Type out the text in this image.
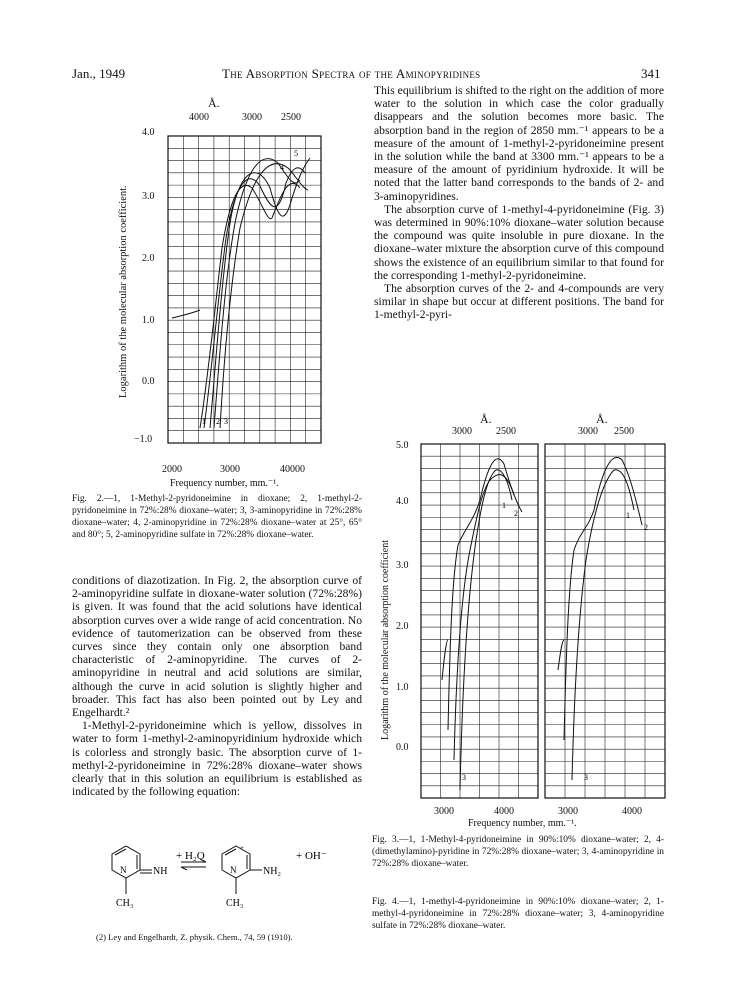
Jan., 1949	The Absorption Spectra of the Aminopyridines	341
Å.
4000	3000 2500
4.0
3.0
2.0
1.0
0.0
−1.0
Logarithm of the molecular absorption coefficient.
1 2 3
4
5
2000	3000	40000
Frequency number, mm.⁻¹.
Fig. 2.—1, 1-Methyl-2-pyridoneimine in dioxane; 2, 1-methyl-2-pyridoneimine in 72%:28% dioxane–water; 3, 3-aminopyridine in 72%:28% dioxane–water; 4, 2-aminopyridine in 72%:28% dioxane–water at 25°, 65° and 80°; 5, 2-aminopyridine sulfate in 72%:28% dioxane–water.

conditions of diazotization. In Fig. 2, the absorption curve of 2-aminopyridine sulfate in dioxane-water solution (72%:28%) is given. It was found that the acid solutions have identical absorption curves over a wide range of acid concentration. No evidence of tautomerization can be observed from these curves since they contain only one absorption band characteristic of 2-aminopyridine. The curves of 2-aminopyridine in neutral and acid solutions are similar, although the curve in acid solution is slightly higher and broader. This fact has also been pointed out by Ley and Engelhardt.²

1-Methyl-2-pyridoneimine which is yellow, dissolves in water to form 1-methyl-2-aminopyridinium hydroxide which is colorless and strongly basic. The absorption curve of 1-methyl-2-pyridoneimine in 72%:28% dioxane–water shows clearly that in this solution an equilibrium is established as indicated by the following equation:

N	N
+
NH	NH₂
+ H₂O	+ OH⁻
CH₃	CH₃
(2) Ley and Engelhardt, Z. physik. Chem., 74, 59 (1910).

This equilibrium is shifted to the right on the addition of more water to the solution in which case the color gradually disappears and the solution becomes more basic. The absorption band in the region of 2850 mm.⁻¹ appears to be a measure of the amount of 1-methyl-2-pyridoneimine present in the solution while the band at 3300 mm.⁻¹ appears to be a measure of the amount of pyridinium hydroxide. It will be noted that the latter band corresponds to the bands of 2- and 3-aminopyridines.

The absorption curve of 1-methyl-4-pyridoneimine (Fig. 3) was determined in 90%:10% dioxane–water solution because the compound was quite insoluble in pure dioxane. In the dioxane–water mixture the absorption curve of this compound shows the existence of an equilibrium similar to that found for the corresponding 1-methyl-2-pyridoneimine.

The absorption curves of the 2- and 4-compounds are very similar in shape but occur at different positions. The band for 1-methyl-2-pyri-

Å.
3000 2500
Å.
3000 2500
5.0
4.0
3.0
2.0
1.0
0.0
Logarithm of the molecular absorption coefficient
1
2
3
1
2
3
3000	4000	3000	4000
Frequency number, mm.⁻¹.
Fig. 3.—1, 1-Methyl-4-pyridoneimine in 90%:10% dioxane–water; 2, 4-(dimethylamino)-pyridine in 72%:28% dioxane–water; 3, 4-aminopyridine in 72%:28% dioxane–water.
Fig. 4.—1, 1-methyl-4-pyridoneimine in 90%:10% dioxane–water; 2, 1-methyl-4-pyridoneimine in 72%:28% dioxane–water; 3, 4-aminopyridine sulfate in 72%:28% dioxane–water.
